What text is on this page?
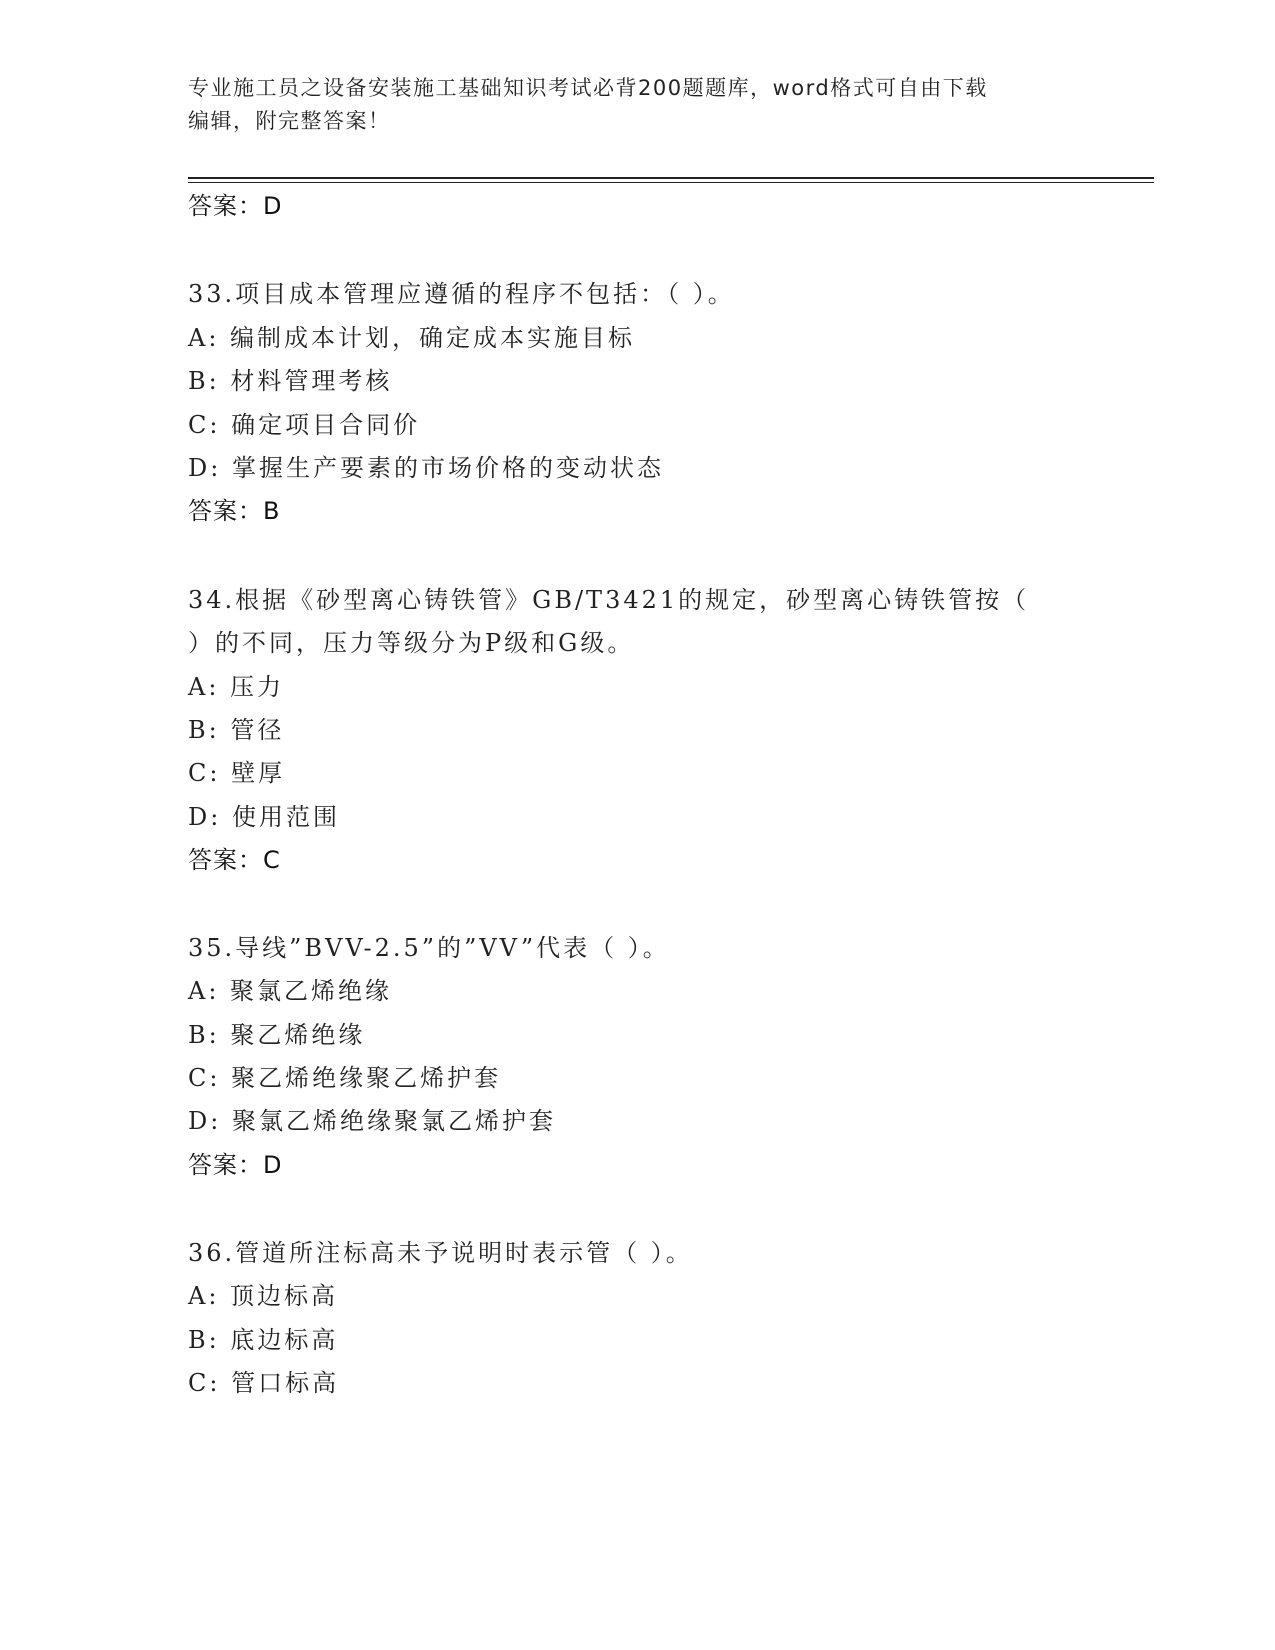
专业施工员之设备安装施工基础知识考试必背200题题库，word格式可自由下载
编辑，附完整答案！
答案：D
33.项目成本管理应遵循的程序不包括：（ ）。
A: 编制成本计划，确定成本实施目标
B: 材料管理考核
C: 确定项目合同价
D: 掌握生产要素的市场价格的变动状态
答案：B
34.根据《砂型离心铸铁管》GB/T3421的规定，砂型离心铸铁管按（
）的不同，压力等级分为P级和G级。
A: 压力
B: 管径
C: 壁厚
D: 使用范围
答案：C
35.导线”BVV-2.5”的”VV”代表（ ）。
A: 聚氯乙烯绝缘
B: 聚乙烯绝缘
C: 聚乙烯绝缘聚乙烯护套
D: 聚氯乙烯绝缘聚氯乙烯护套
答案：D
36.管道所注标高未予说明时表示管（ ）。
A: 顶边标高
B: 底边标高
C: 管口标高
